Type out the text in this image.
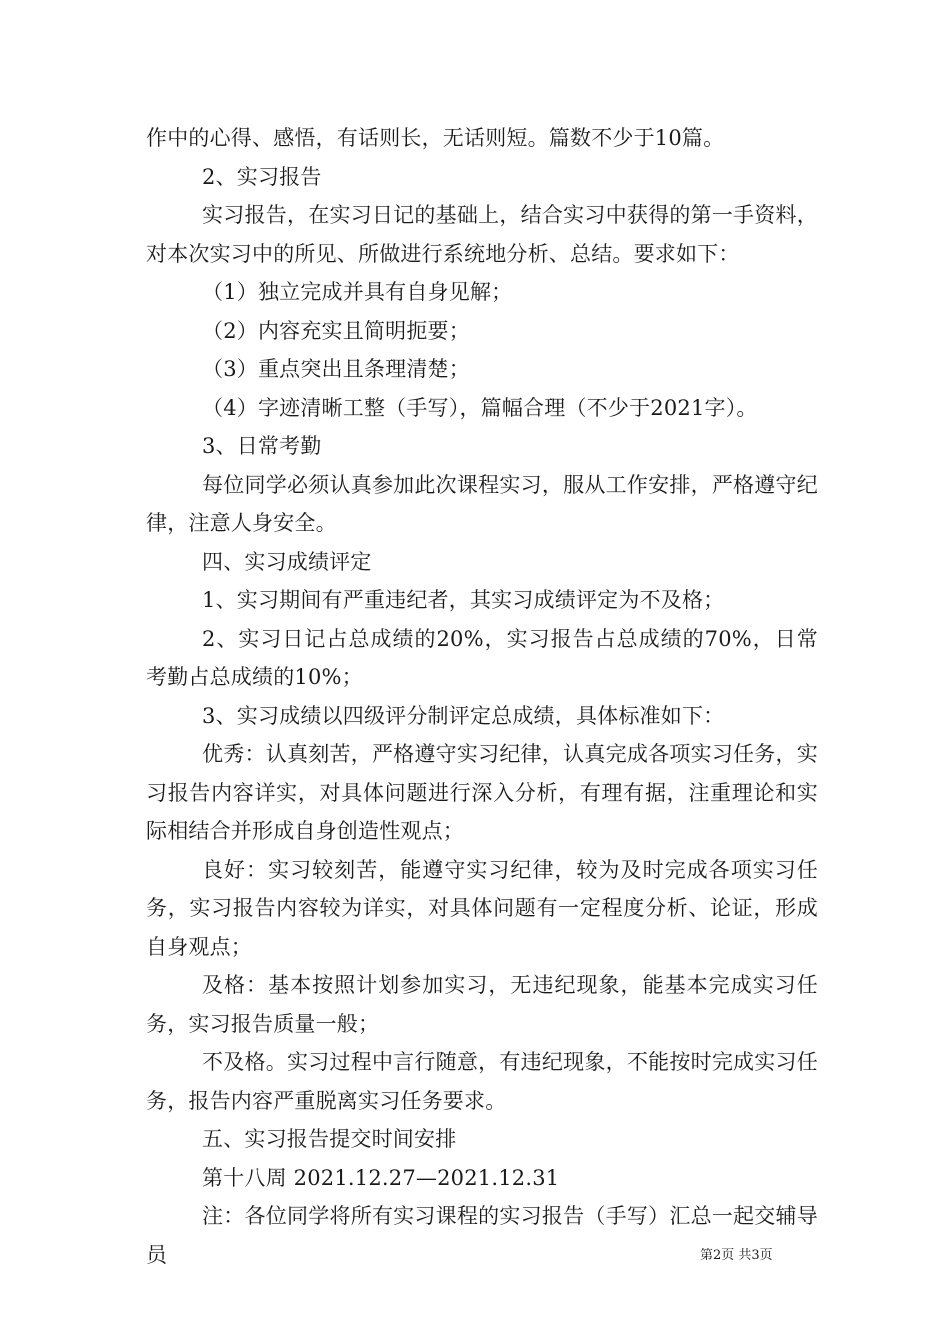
作中的心得、感悟，有话则长，无话则短。篇数不少于10篇。

2、实习报告

实习报告，在实习日记的基础上，结合实习中获得的第一手资料，对本次实习中的所见、所做进行系统地分析、总结。要求如下：

（1）独立完成并具有自身见解；

（2）内容充实且简明扼要；

（3）重点突出且条理清楚；

（4）字迹清晰工整（手写），篇幅合理（不少于2021字）。

3、日常考勤

每位同学必须认真参加此次课程实习，服从工作安排，严格遵守纪律，注意人身安全。

四、实习成绩评定

1、实习期间有严重违纪者，其实习成绩评定为不及格；

2、实习日记占总成绩的20%，实习报告占总成绩的70%，日常考勤占总成绩的10%；

3、实习成绩以四级评分制评定总成绩，具体标准如下：

优秀：认真刻苦，严格遵守实习纪律，认真完成各项实习任务，实习报告内容详实，对具体问题进行深入分析，有理有据，注重理论和实际相结合并形成自身创造性观点；

良好：实习较刻苦，能遵守实习纪律，较为及时完成各项实习任务，实习报告内容较为详实，对具体问题有一定程度分析、论证，形成自身观点；

及格：基本按照计划参加实习，无违纪现象，能基本完成实习任务，实习报告质量一般；

不及格。实习过程中言行随意，有违纪现象，不能按时完成实习任务，报告内容严重脱离实习任务要求。

五、实习报告提交时间安排

第十八周 2021.12.27—2021.12.31

注：各位同学将所有实习课程的实习报告（手写）汇总一起交辅导员	第2页 共3页
